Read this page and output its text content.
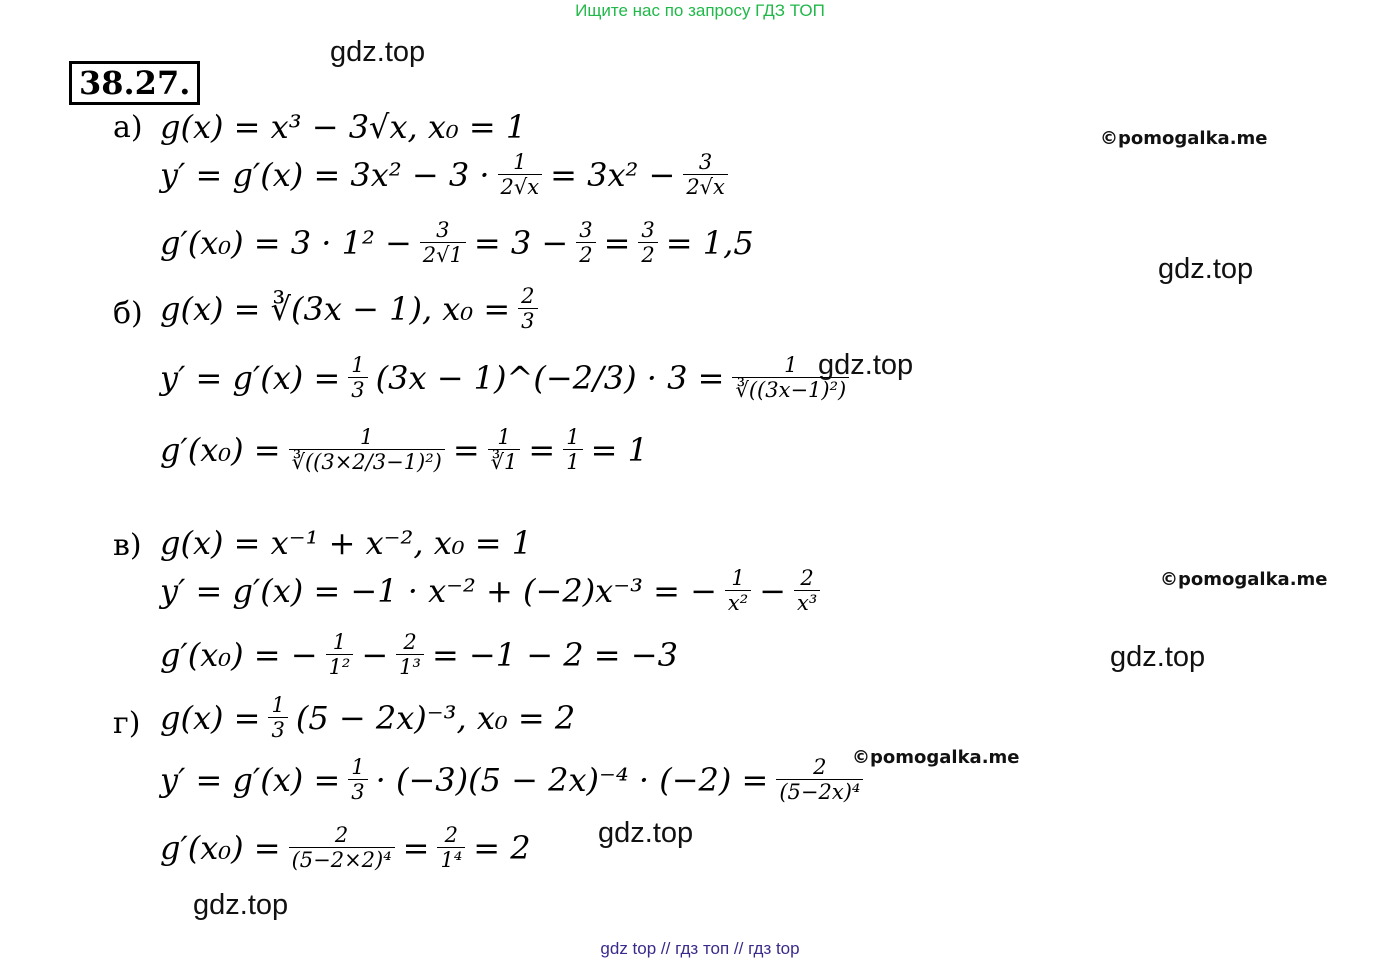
Ищите нас по запросу ГДЗ ТОП
38.27.
gdz.top
©pomogalka.me
gdz.top
gdz.top
©pomogalka.me
gdz.top
©pomogalka.me
gdz.top
gdz.top
а) g(x) = x³ − 3√x, x₀ = 1
$y' = g'(x) = 3x^2 - 3 \cdot \frac{1}{2√x} = 3x^2 - \frac{3}{2√x}$
$g'(x_0) = 3 \cdot 1^2 - \frac{3}{2√1} = 3 - \frac{3}{2} = \frac{3}{2} = 1,5$
б) g(x) = ∛(3x − 1), $x_0 = \frac{2}{3}$
$y' = g'(x) = \frac{1}{3} (3x$ − 1)^(−2/3) · $3 = \frac{1}{\text{∛((3x−1)²)}}$
$g'(x_0) = \frac{1}{\text{∛((3×2/3−1)²)}} = \frac{1}{∛1} = \frac{1}{1} = 1$
в) g(x) = x⁻¹ + x⁻², x₀ = 1
y′ = g′(x) = −1 · x⁻² + (−2)x⁻³ = − $\frac{1}{\text{x²}} - \frac{2}{\text{x³}}$
g′(x₀) = − $\frac{1}{\text{1²}} - \frac{2}{\text{1³}} = -1 - 2 = -3$
г) $g(x) = \frac{1}{3} (5 - 2x)^{-3}$, x₀ = 2
$y' = g'(x) = \frac{1}{3} \cdot (-3)(5 - 2x)^{-4} \cdot (-2) = \frac{2}{\text{(5−2x)⁴}}$
$g'(x_0) = \frac{2}{\text{(5−2×2)⁴}} = \frac{2}{\text{1⁴}} = 2$
gdz top // гдз топ // гдз top
